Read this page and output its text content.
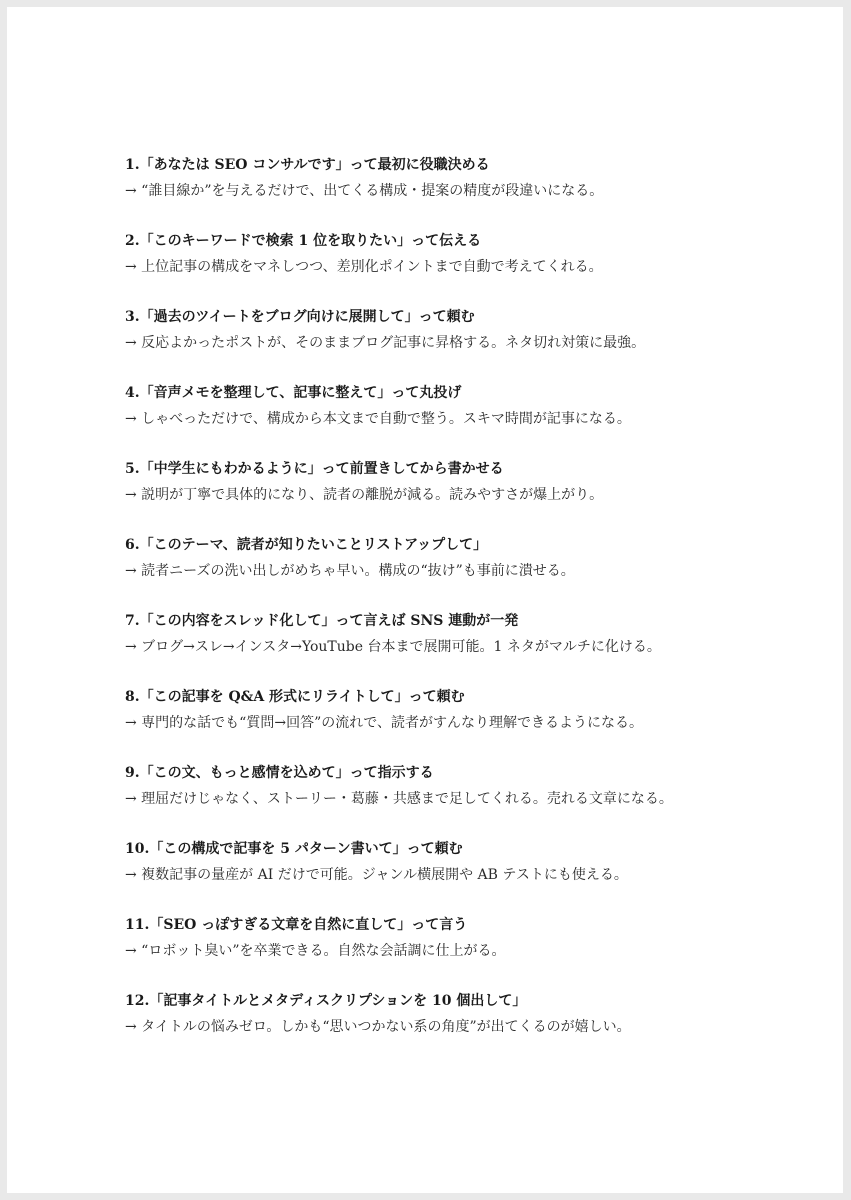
1.「あなたは SEO コンサルです」って最初に役職決める

→ “誰目線か”を与えるだけで、出てくる構成・提案の精度が段違いになる。

2.「このキーワードで検索 1 位を取りたい」って伝える

→ 上位記事の構成をマネしつつ、差別化ポイントまで自動で考えてくれる。

3.「過去のツイートをブログ向けに展開して」って頼む

→ 反応よかったポストが、そのままブログ記事に昇格する。ネタ切れ対策に最強。

4.「音声メモを整理して、記事に整えて」って丸投げ

→ しゃべっただけで、構成から本文まで自動で整う。スキマ時間が記事になる。

5.「中学生にもわかるように」って前置きしてから書かせる

→ 説明が丁寧で具体的になり、読者の離脱が減る。読みやすさが爆上がり。

6.「このテーマ、読者が知りたいことリストアップして」

→ 読者ニーズの洗い出しがめちゃ早い。構成の“抜け”も事前に潰せる。

7.「この内容をスレッド化して」って言えば SNS 連動が一発

→ ブログ→スレ→インスタ→YouTube 台本まで展開可能。1 ネタがマルチに化ける。

8.「この記事を Q&A 形式にリライトして」って頼む

→ 専門的な話でも“質問→回答”の流れで、読者がすんなり理解できるようになる。

9.「この文、もっと感情を込めて」って指示する

→ 理屈だけじゃなく、ストーリー・葛藤・共感まで足してくれる。売れる文章になる。

10.「この構成で記事を 5 パターン書いて」って頼む

→ 複数記事の量産が AI だけで可能。ジャンル横展開や AB テストにも使える。

11.「SEO っぽすぎる文章を自然に直して」って言う

→ “ロボット臭い”を卒業できる。自然な会話調に仕上がる。

12.「記事タイトルとメタディスクリプションを 10 個出して」

→ タイトルの悩みゼロ。しかも“思いつかない系の角度”が出てくるのが嬉しい。
